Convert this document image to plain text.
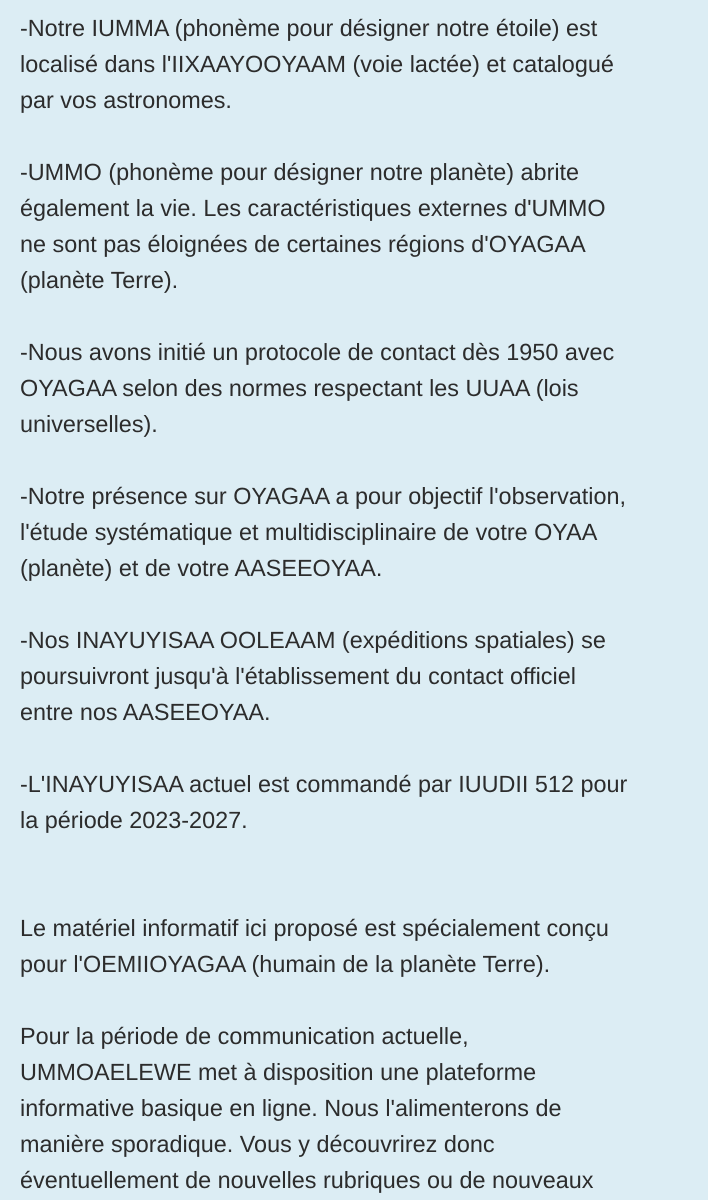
-Notre IUMMA (phonème pour désigner notre étoile) est
localisé dans l'IIXAAYOOYAAM (voie lactée) et catalogué
par vos astronomes.

-UMMO (phonème pour désigner notre planète) abrite
également la vie. Les caractéristiques externes d'UMMO
ne sont pas éloignées de certaines régions d'OYAGAA
(planète Terre).

-Nous avons initié un protocole de contact dès 1950 avec
OYAGAA selon des normes respectant les UUAA (lois
universelles).

-Notre présence sur OYAGAA a pour objectif l'observation,
l'étude systématique et multidisciplinaire de votre OYAA
(planète) et de votre AASEEOYAA.

-Nos INAYUYISAA OOLEAAM (expéditions spatiales) se
poursuivront jusqu'à l'établissement du contact officiel
entre nos AASEEOYAA.

-L'INAYUYISAA actuel est commandé par IUUDII 512 pour
la période 2023-2027.

Le matériel informatif ici proposé est spécialement conçu
pour l'OEMIIOYAGAA (humain de la planète Terre).

Pour la période de communication actuelle,
UMMOAELEWE met à disposition une plateforme
informative basique en ligne. Nous l'alimenterons de
manière sporadique. Vous y découvrirez donc
éventuellement de nouvelles rubriques ou de nouveaux
